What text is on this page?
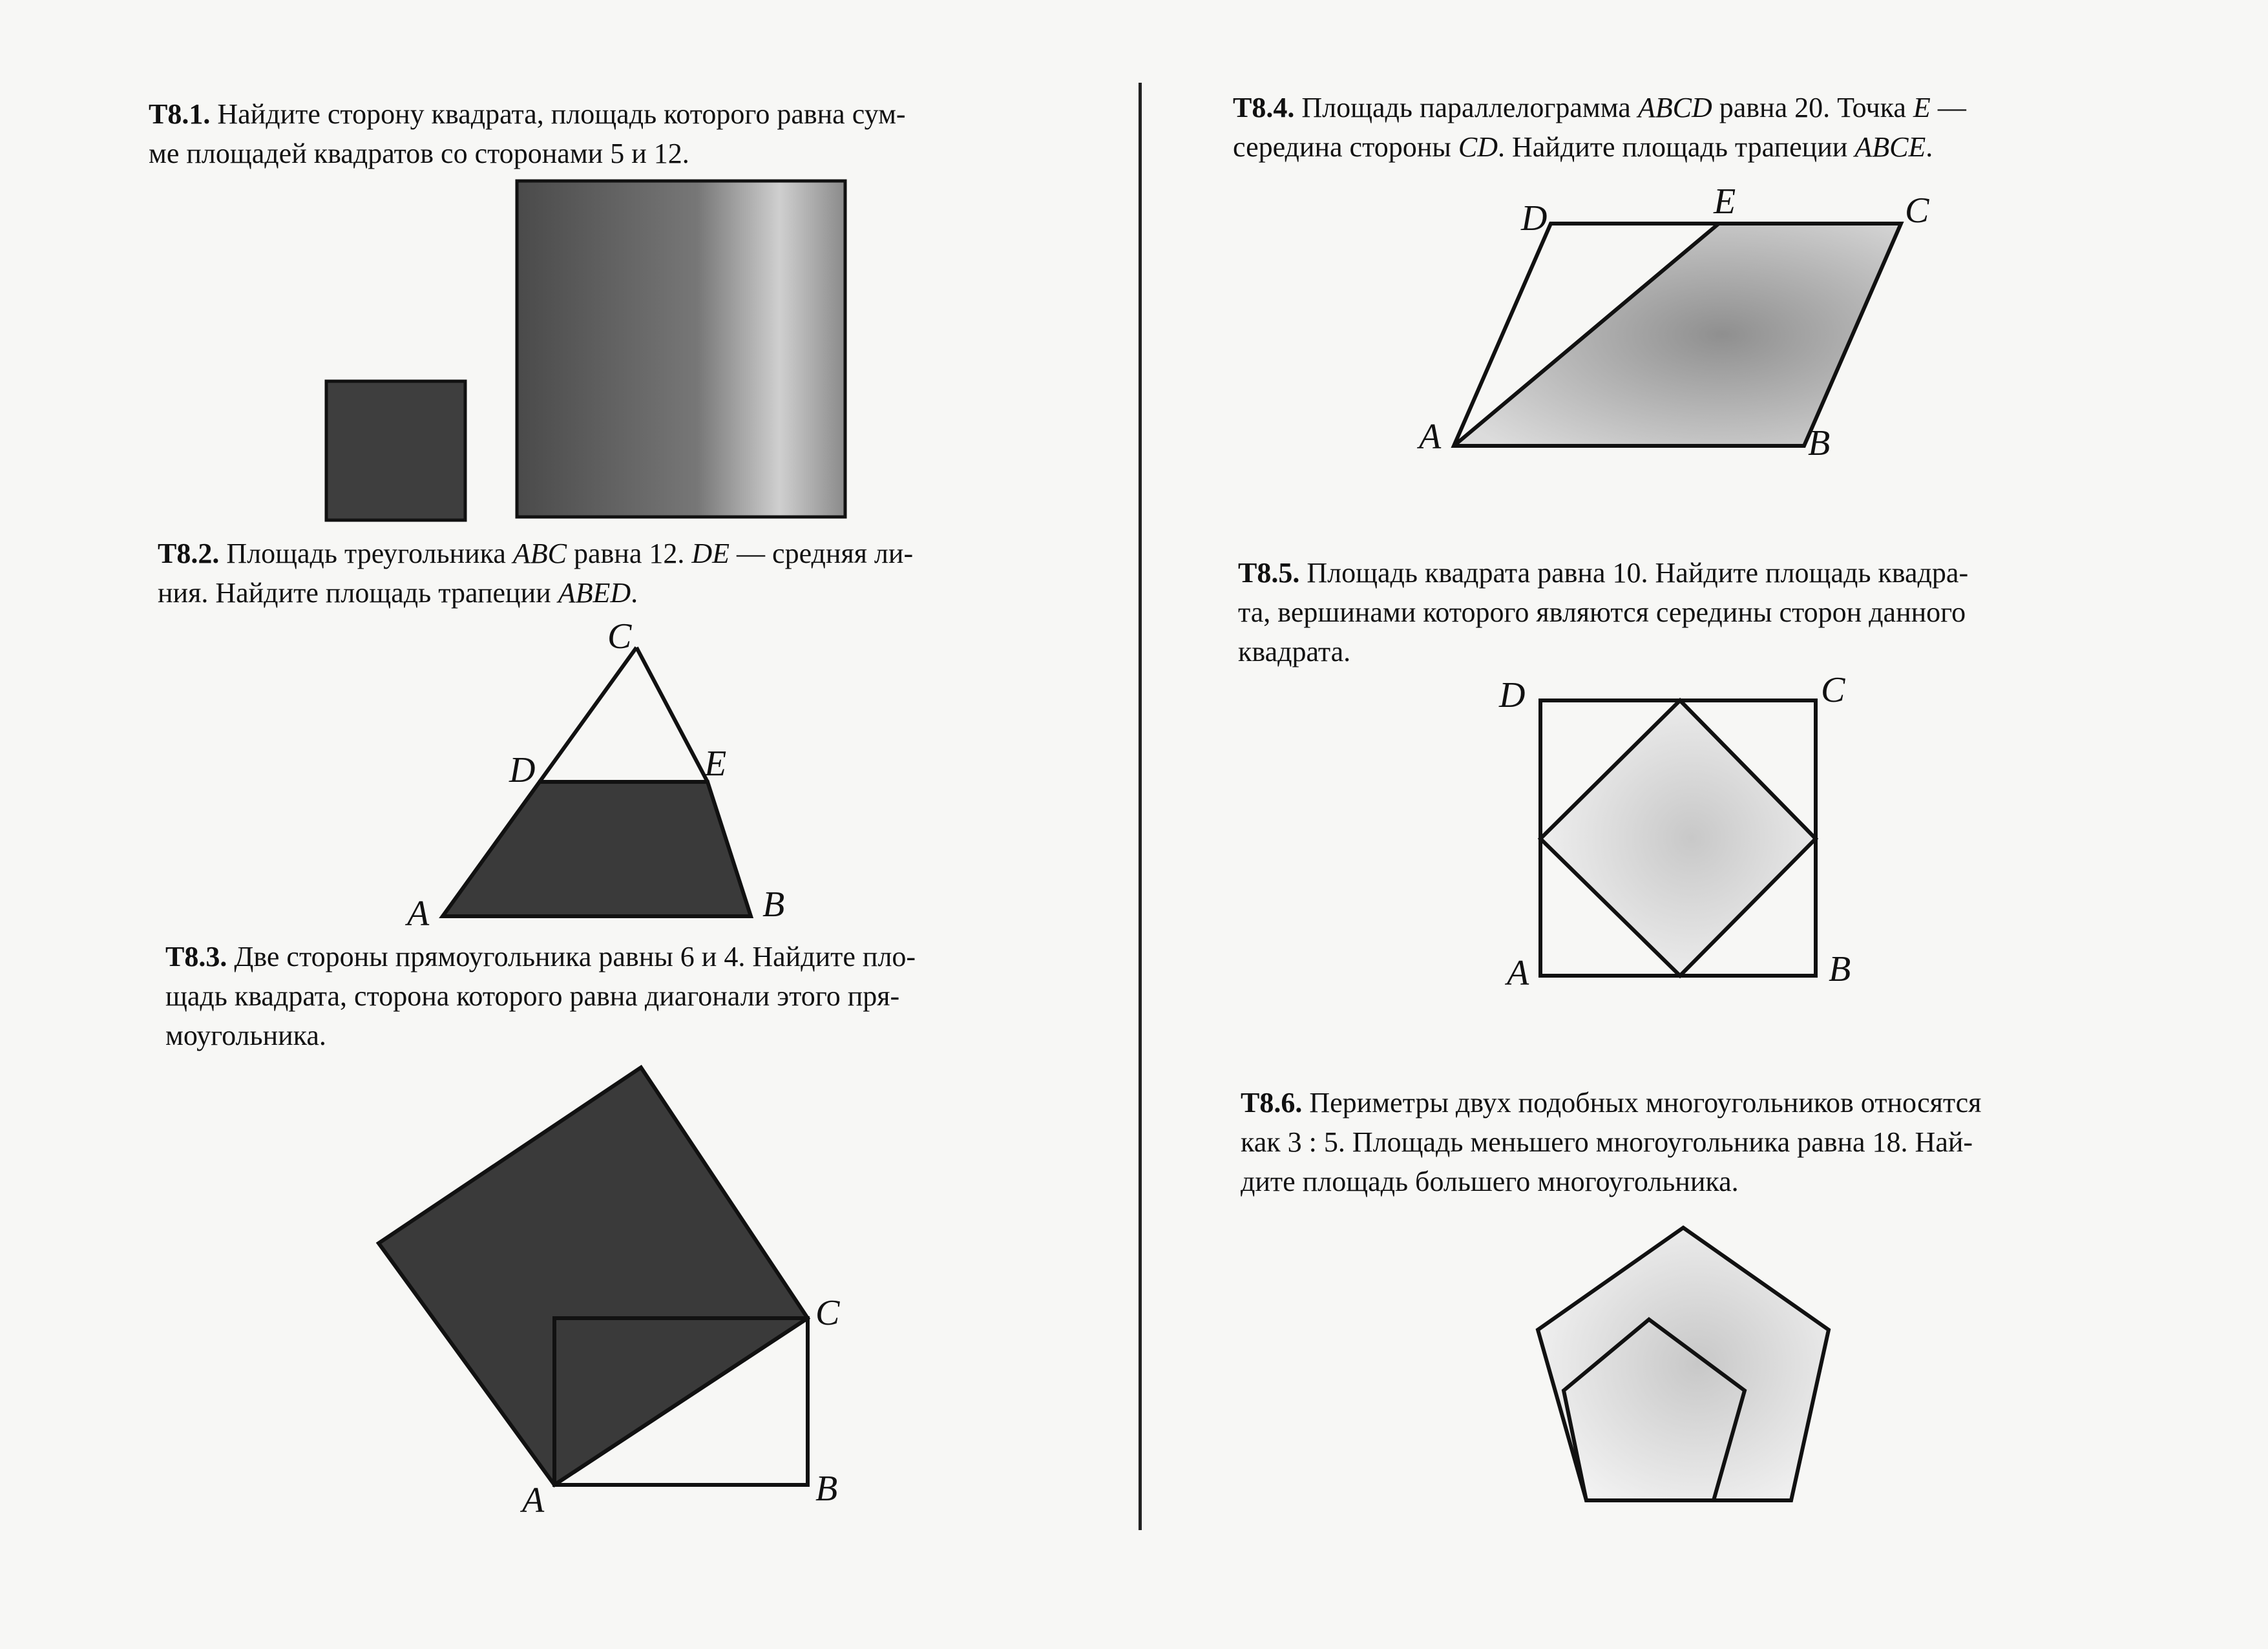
T8.1. Найдите сторону квадрата, площадь которого равна сум-
ме площадей квадратов со сторонами 5 и 12.
T8.2. Площадь треугольника ABC равна 12. DE — средняя ли-
ния. Найдите площадь трапеции ABED.
T8.3. Две стороны прямоугольника равны 6 и 4. Найдите пло-
щадь квадрата, сторона которого равна диагонали этого пря-
моугольника.
T8.4. Площадь параллелограмма ABCD равна 20. Точка E —
середина стороны CD. Найдите площадь трапеции ABCE.
T8.5. Площадь квадрата равна 10. Найдите площадь квадра-
та, вершинами которого являются середины сторон данного
квадрата.
T8.6. Периметры двух подобных многоугольников относятся
как 3 : 5. Площадь меньшего многоугольника равна 18. Най-
дите площадь большего многоугольника.
C
D	E
A	B
C
A	B
D	E	C
A	B
D	C
A	B
